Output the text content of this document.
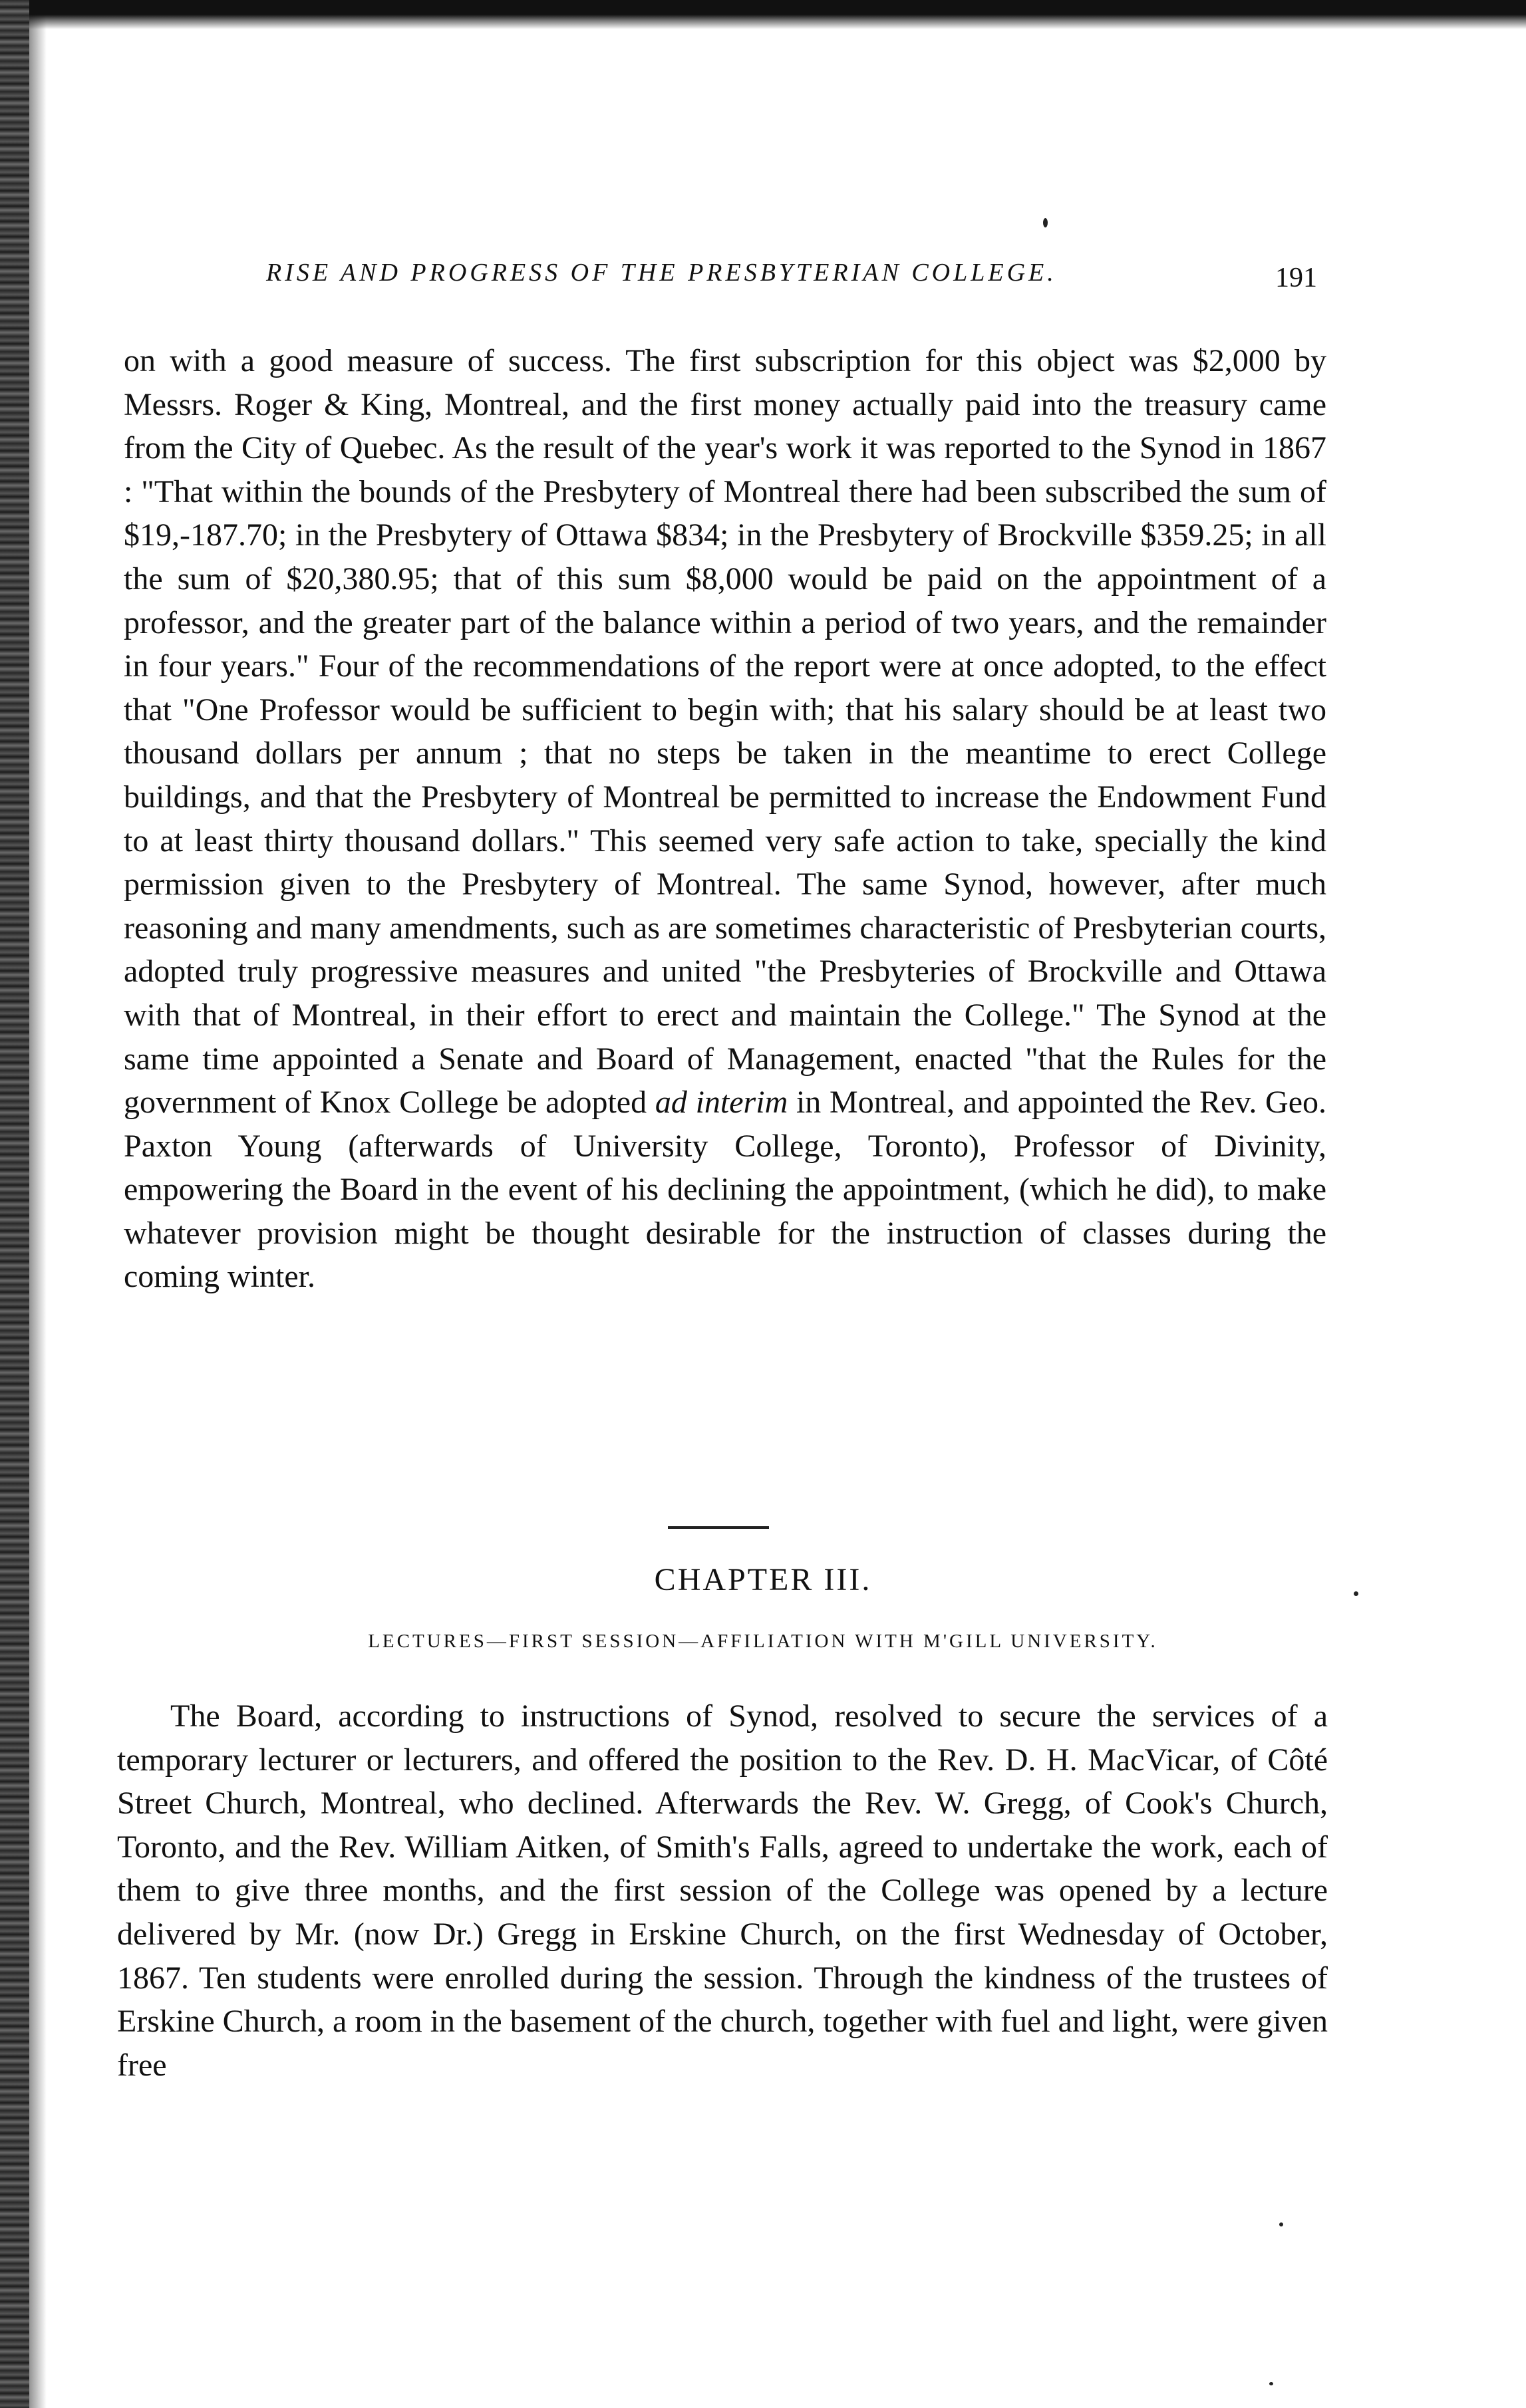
RISE AND PROGRESS OF THE PRESBYTERIAN COLLEGE.	191

on with a good measure of success. The first subscription for this object was $2,000 by Messrs. Roger & King, Montreal, and the first money actually paid into the treasury came from the City of Quebec. As the result of the year's work it was reported to the Synod in 1867 : "That within the bounds of the Presbytery of Montreal there had been subscribed the sum of $19,-187.70; in the Presbytery of Ottawa $834; in the Presbytery of Brockville $359.25; in all the sum of $20,380.95; that of this sum $8,000 would be paid on the appointment of a professor, and the greater part of the balance within a period of two years, and the remainder in four years." Four of the recommendations of the report were at once adopted, to the effect that "One Professor would be sufficient to begin with; that his salary should be at least two thousand dollars per annum ; that no steps be taken in the meantime to erect College buildings, and that the Presbytery of Montreal be permitted to increase the Endowment Fund to at least thirty thousand dollars." This seemed very safe action to take, specially the kind permission given to the Presbytery of Montreal. The same Synod, however, after much reasoning and many amendments, such as are sometimes characteristic of Presbyterian courts, adopted truly progressive measures and united "the Presbyteries of Brockville and Ottawa with that of Montreal, in their effort to erect and maintain the College." The Synod at the same time appointed a Senate and Board of Management, enacted "that the Rules for the government of Knox College be adopted ad interim in Montreal, and appointed the Rev. Geo. Paxton Young (afterwards of University College, Toronto), Professor of Divinity, empowering the Board in the event of his declining the appointment, (which he did), to make whatever provision might be thought desirable for the instruction of classes during the coming winter.

CHAPTER III.
LECTURES—FIRST SESSION—AFFILIATION WITH M'GILL UNIVERSITY.

The Board, according to instructions of Synod, resolved to secure the services of a temporary lecturer or lecturers, and offered the position to the Rev. D. H. MacVicar, of Côté Street Church, Montreal, who declined. Afterwards the Rev. W. Gregg, of Cook's Church, Toronto, and the Rev. William Aitken, of Smith's Falls, agreed to undertake the work, each of them to give three months, and the first session of the College was opened by a lecture delivered by Mr. (now Dr.) Gregg in Erskine Church, on the first Wednesday of October, 1867. Ten students were enrolled during the session. Through the kindness of the trustees of Erskine Church, a room in the basement of the church, together with fuel and light, were given free
